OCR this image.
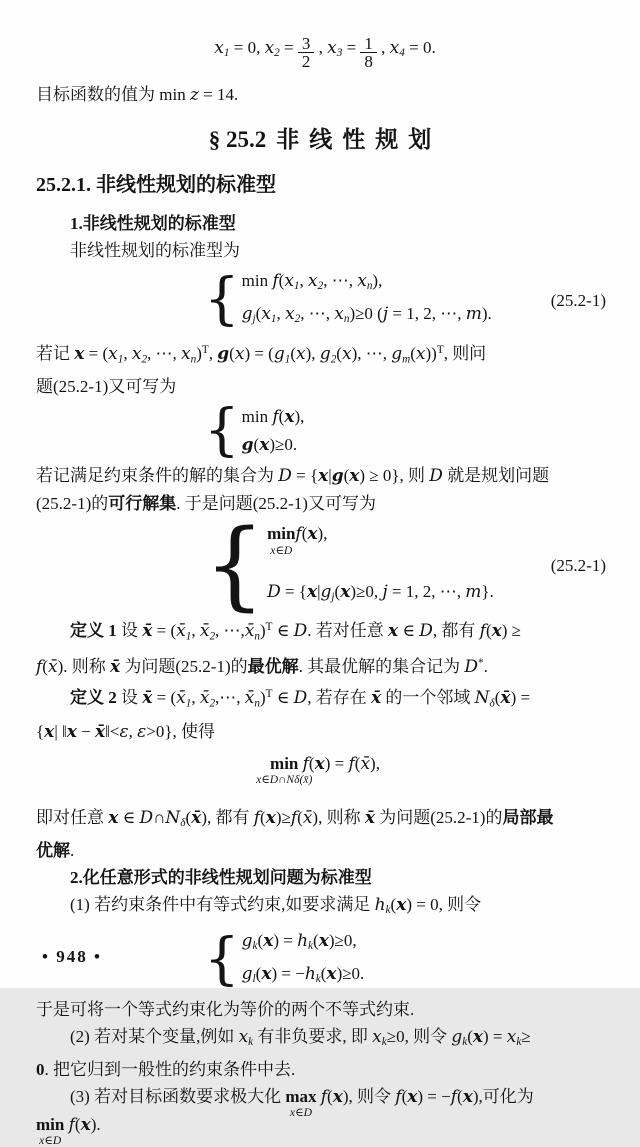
$x_1 = 0$, $x_2 = \frac{3}{2}$ , $x_3 = \frac{1}{8}$ , $x_4 = 0$.
目标函数的值为 min z = 14.
§ 25.2 非线性规划
25.2.1. 非线性规划的标准型
1.非线性规划的标准型
非线性规划的标准型为
{ $\min f(x_1$, $x_2$, ⋯, $x_n$),
$g_j(x_1$, $x_2$, ⋯, $x_n)\ge 0$ (j = 1, 2, ⋯, m).
(25.2-1)
若记 $x = (x_1$, $x_2$, ⋯, $x_n)^T$, $g(x) = (g_1(x)$, $g_2(x)$, ⋯, $g_m(x))^T$, 则问
题(25.2-1)又可写为
{ min f(x),
g(x)≥0.
若记满足约束条件的解的集合为 D = {x|g(x) ≥ 0}, 则 D 就是规划问题
(25.2-1)的可行解集. 于是问题(25.2-1)又可写为
{ min
x∈D
f(x),
$D = \{x|g_j(x)\ge 0$, j = 1, 2, ⋯, m}.
(25.2-1)
定义 1 设 x̄ = ($x̄_1$, $x̄_2$, $\cdots,x̄_n)^T$ ∈ D. 若对任意 x ∈ D, 都有 f(x) ≥
f(x̄). 则称 x̄ 为问题(25.2-1)的最优解. 其最优解的集合记为 D*.
定义 2 设 x̄ = ($x̄_1$, $x̄_2,\cdots$, $x̄_n)^T$ ∈ D, 若存在 x̄ 的一个邻域 $N_\delta(x̄)$ =
{x| ‖x − x̄‖<ε, ε>0}, 使得
min
x∈D∩Nδ(x̄)
f(x) = f(x̄),
即对任意 x ∈ $D\cap N_\delta(x̄)$, 都有 f(x)≥f(x̄), 则称 x̄ 为问题(25.2-1)的局部最
优解.
2.化任意形式的非线性规划问题为标准型
(1) 若约束条件中有等式约束,如要求满足 $h_k(x) = 0$, 则令
{ $g_k(x) = h_k(x)\ge 0$,
$g_l(x) = -h_k(x)\ge 0$.
于是可将一个等式约束化为等价的两个不等式约束.
(2) 若对某个变量,例如 $x_k$ 有非负要求, 即 $x_k\ge 0$, 则令 $g_k(x) = x_k\ge$
0. 把它归到一般性的约束条件中去.
(3) 若对目标函数要求极大化 max
x∈D
f(x), 则令 f(x) = −f(x),可化为
min
x∈D
f(x).
• 948 •
